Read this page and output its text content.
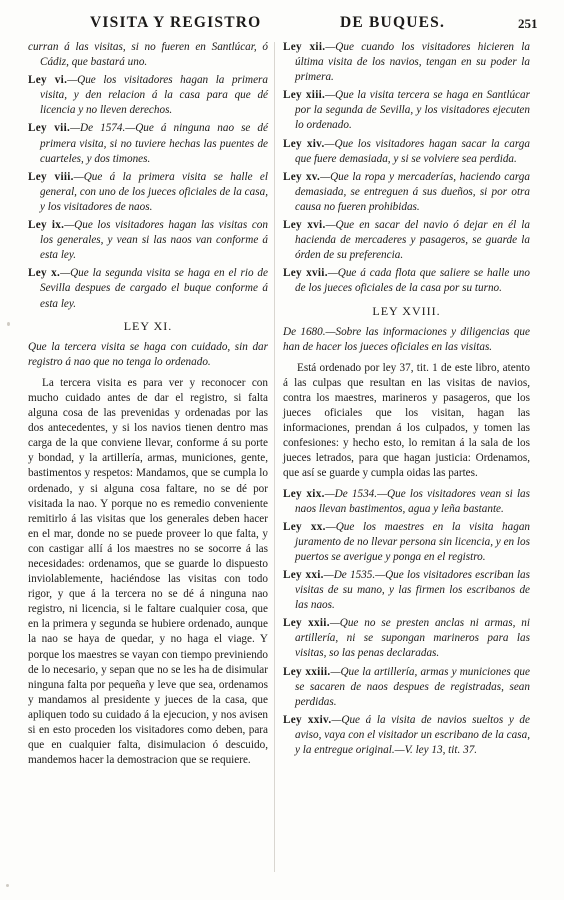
VISITA Y REGISTRO	DE BUQUES.	251

curran á las visitas, si no fueren en Santlúcar, ó Cádiz, que bastará uno.

Ley vi.—Que los visitadores hagan la primera visita, y den relacion á la casa para que dé licencia y no lleven derechos.

Ley vii.—De 1574.—Que á ninguna nao se dé primera visita, si no tuviere hechas las puentes de cuarteles, y dos timones.

Ley viii.—Que á la primera visita se halle el general, con uno de los jueces oficiales de la casa, y los visitadores de naos.

Ley ix.—Que los visitadores hagan las visitas con los generales, y vean si las naos van conforme á esta ley.

Ley x.—Que la segunda visita se haga en el rio de Sevilla despues de cargado el buque conforme á esta ley.

LEY XI.

Que la tercera visita se haga con cuidado, sin dar registro á nao que no tenga lo ordenado.

La tercera visita es para ver y reconocer con mucho cuidado antes de dar el registro, si falta alguna cosa de las prevenidas y ordenadas por las dos antecedentes, y si los navios tienen dentro mas carga de la que conviene llevar, conforme á su porte y bondad, y la artillería, armas, municiones, gente, bastimentos y respetos: Mandamos, que se cumpla lo ordenado, y si alguna cosa faltare, no se dé por visitada la nao. Y porque no es remedio conveniente remitirlo á las visitas que los generales deben hacer en el mar, donde no se puede proveer lo que falta, y con castigar allí á los maestres no se socorre á las necesidades: ordenamos, que se guarde lo dispuesto inviolablemente, haciéndose las visitas con todo rigor, y que á la tercera no se dé á ninguna nao registro, ni licencia, si le faltare cualquier cosa, que en la primera y segunda se hubiere ordenado, aunque la nao se haya de quedar, y no haga el viage. Y porque los maestres se vayan con tiempo previniendo de lo necesario, y sepan que no se les ha de disimular ninguna falta por pequeña y leve que sea, ordenamos y mandamos al presidente y jueces de la casa, que apliquen todo su cuidado á la ejecucion, y nos avisen si en esto proceden los visitadores como deben, para que en cualquier falta, disimulacion ó descuido, mandemos hacer la demostracion que se requiere.

Ley xii.—Que cuando los visitadores hicieren la última visita de los navios, tengan en su poder la primera.

Ley xiii.—Que la visita tercera se haga en Santlúcar por la segunda de Sevilla, y los visitadores ejecuten lo ordenado.

Ley xiv.—Que los visitadores hagan sacar la carga que fuere demasiada, y si se volviere sea perdida.

Ley xv.—Que la ropa y mercaderías, haciendo carga demasiada, se entreguen á sus dueños, si por otra causa no fueren prohibidas.

Ley xvi.—Que en sacar del navio ó dejar en él la hacienda de mercaderes y pasageros, se guarde la órden de su preferencia.

Ley xvii.—Que á cada flota que saliere se halle uno de los jueces oficiales de la casa por su turno.

LEY XVIII.

De 1680.—Sobre las informaciones y diligencias que han de hacer los jueces oficiales en las visitas.

Está ordenado por ley 37, tit. 1 de este libro, atento á las culpas que resultan en las visitas de navios, contra los maestres, marineros y pasageros, que los jueces oficiales que los visitan, hagan las informaciones, prendan á los culpados, y tomen las confesiones: y hecho esto, lo remitan á la sala de los jueces letrados, para que hagan justicia: Ordenamos, que así se guarde y cumpla oidas las partes.

Ley xix.—De 1534.—Que los visitadores vean si las naos llevan bastimentos, agua y leña bastante.

Ley xx.—Que los maestres en la visita hagan juramento de no llevar persona sin licencia, y en los puertos se averigue y ponga en el registro.

Ley xxi.—De 1535.—Que los visitadores escriban las visitas de su mano, y las firmen los escribanos de las naos.

Ley xxii.—Que no se presten anclas ni armas, ni artillería, ni se supongan marineros para las visitas, so las penas declaradas.

Ley xxiii.—Que la artillería, armas y municiones que se sacaren de naos despues de registradas, sean perdidas.

Ley xxiv.—Que á la visita de navios sueltos y de aviso, vaya con el visitador un escribano de la casa, y la entregue original.—V. ley 13, tit. 37.
